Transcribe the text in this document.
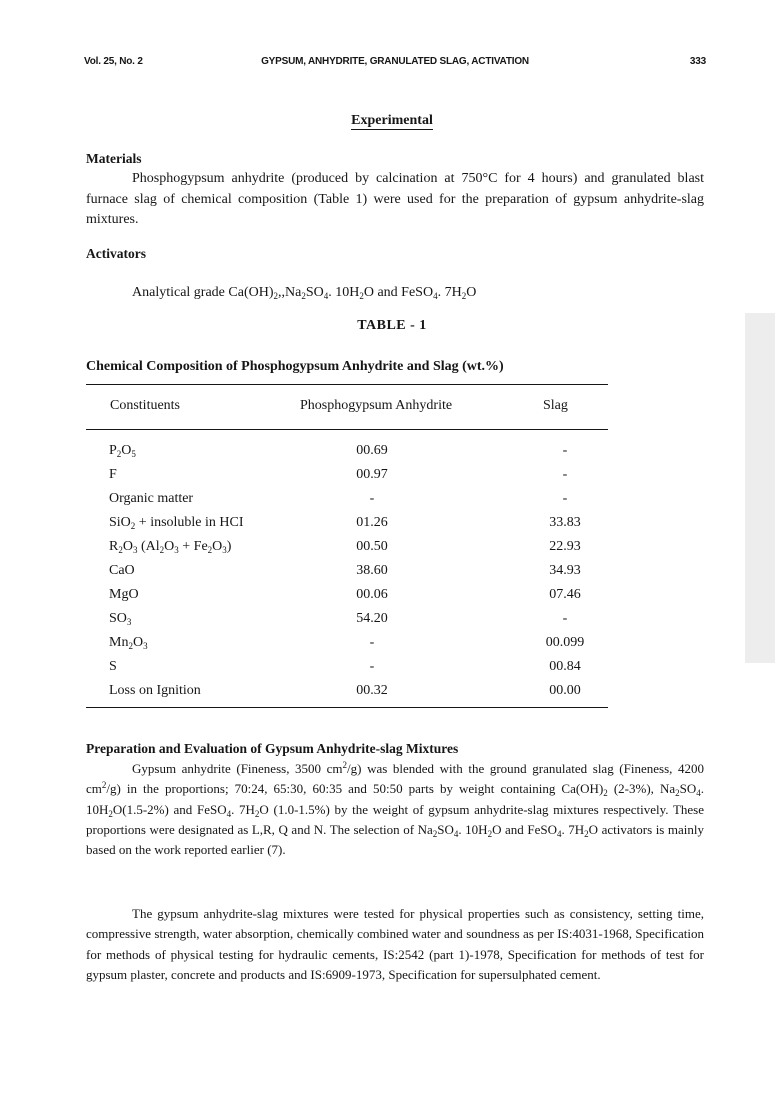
Vol. 25, No. 2	GYPSUM, ANHYDRITE, GRANULATED SLAG, ACTIVATION	333
Experimental
Materials
Phosphogypsum anhydrite (produced by calcination at 750°C for 4 hours) and granulated blast furnace slag of chemical composition (Table 1) were used for the preparation of gypsum anhydrite-slag mixtures.
Activators
Analytical grade $Ca(OH)_2,,Na_2SO_4$. $10H_2O$ and FeSO$_4$. $7H_2O$
TABLE - 1
Chemical Composition of Phosphogypsum Anhydrite and Slag (wt.%)
Constituents	Phosphogypsum Anhydrite	Slag
$P_2O_5$	00.69	-
F	00.97	-
Organic matter	-	-
SiO$_2$ + insoluble in HCI	01.26	33.83
$R_2O_3$ $(Al_2O_3 + Fe_2O_3)$	00.50	22.93
CaO	38.60	34.93
MgO	00.06	07.46
$SO_3$	54.20	-
$Mn_2O_3$	-	00.099
S	-	00.84
Loss on Ignition	00.32	00.00
Preparation and Evaluation of Gypsum Anhydrite-slag Mixtures
Gypsum anhydrite (Fineness, 3500 $cm^2/g$) was blended with the ground granulated slag (Fineness, 4200 $cm^2/g$) in the proportions; 70:24, 65:30, 60:35 and 50:50 parts by weight containing $Ca(OH)_2$ (2-3%), $Na_2SO_4$. $10H_2O(1.5-2\%)$ and FeSO$_4$. $7H_2O$ (1.0-1.5%) by the weight of gypsum anhydrite-slag mixtures respectively. These proportions were designated as L,R, Q and N. The selection of $Na_2SO_4$. $10H_2O$ and FeSO$_4$. $7H_2O$ activators is mainly based on the work reported earlier (7).
The gypsum anhydrite-slag mixtures were tested for physical properties such as consistency, setting time, compressive strength, water absorption, chemically combined water and soundness as per IS:4031-1968, Specification for methods of physical testing for hydraulic cements, IS:2542 (part 1)-1978, Specification for methods of test for gypsum plaster, concrete and products and IS:6909-1973, Specification for supersulphated cement.
